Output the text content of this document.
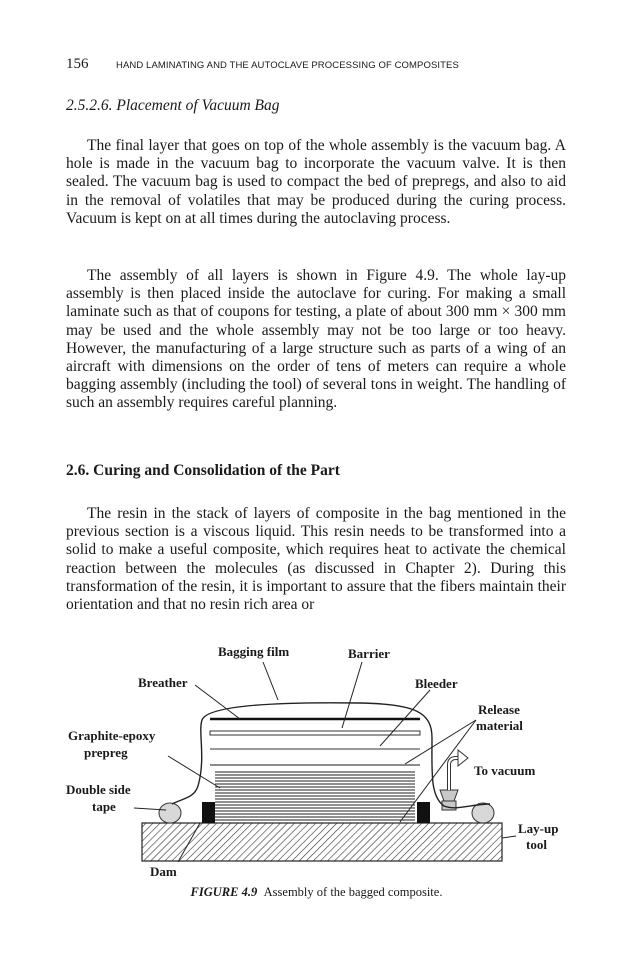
156	HAND LAMINATING AND THE AUTOCLAVE PROCESSING OF COMPOSITES
2.5.2.6. Placement of Vacuum Bag

The final layer that goes on top of the whole assembly is the vacuum bag. A hole is made in the vacuum bag to incorporate the vacuum valve. It is then sealed. The vacuum bag is used to compact the bed of prepregs, and also to aid in the removal of volatiles that may be produced during the curing process. Vacuum is kept on at all times during the autoclaving process.

The assembly of all layers is shown in Figure 4.9. The whole lay-up assembly is then placed inside the autoclave for curing. For making a small laminate such as that of coupons for testing, a plate of about 300 mm × 300 mm may be used and the whole assembly may not be too large or too heavy. However, the manufacturing of a large structure such as parts of a wing of an aircraft with dimensions on the order of tens of meters can require a whole bagging assembly (including the tool) of several tons in weight. The handling of such an assembly requires careful planning.

2.6. Curing and Consolidation of the Part

The resin in the stack of layers of composite in the bag mentioned in the previous section is a viscous liquid. This resin needs to be transformed into a solid to make a useful composite, which requires heat to activate the chemical reaction between the molecules (as discussed in Chapter 2). During this transformation of the resin, it is important to assure that the fibers maintain their orientation and that no resin rich area or

Bagging film	Barrier
Breather	Bleeder
Release
material
Graphite-epoxy
prepreg
To vacuum
Double side
tape
Lay-up
tool
Dam
FIGURE 4.9 Assembly of the bagged composite.
